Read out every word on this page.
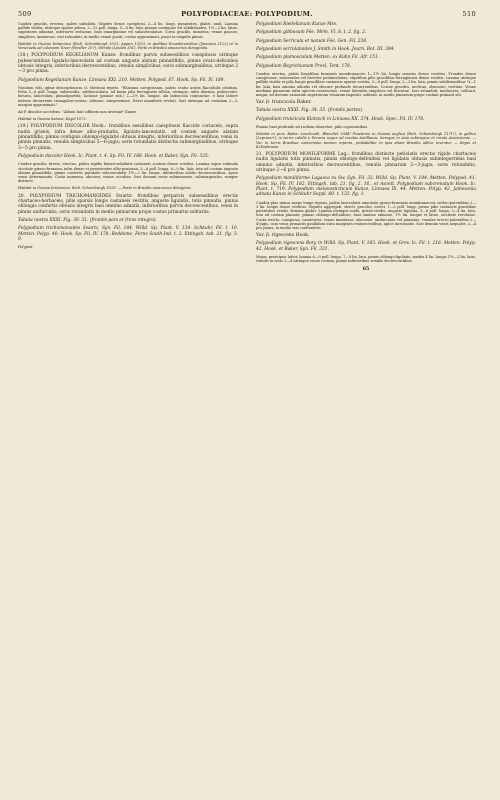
509	POLYPODIACEAE: POLYPODIUM.	510

Caudex gracilis, erectus, paleis subulatis. Stipites dense caespitosi, 2—4 lin. longi, pungentes, glabri, nudi. Lamina pallide viridis, utrinque sparse pilosa, 2—12 poll. longa, 5—8 lin. lata; pinnae contiguae vel subdistantes, 1½—2 lin. latae, superiores adnatae, inferiores reductae, basi emarginatae vel subauriculatae. Costa gracilis, immersa; venae paucae, simplices, immersae; sori rotundati, in medio venae positi, costae approximati, pauci in singulis pinnis.

Habitat in Guiana britannica (Rich. Schomburgk 1031; Appun 1510), in Andibus Ecuadorensibus (Jameson 2122) et in Venezuela ad coloniam Tovar (Fendler 207), Merida (Linden 351). Forte in Brasilia amazonica detegenda.

(18.) POLYPODIUM KEGELIANUM Kunze: frondibus parvis subsessilibus caespitosis utrinque pubescentibus ligulato-lanceolatis ad costam anguste alatam pinnatifidis, pinnis ovato-deltoideis obtusis integris, inferioribus decrescentibus, venulis simplicibus; soris submarginalibus, utrinque 2—3 pro pinna.

Polypodium Kegelianum Kunze, Linnaea XXI. 210. Metten. Polypod. 67. Hook. Sp. Fil. IV. 189.

Nondum vidi, igitur descriptionem cl. Mettenii repeto. "Rhizoma caespitosum, paleis ovatis acutis flaccidulis obsitum. Folia 3—8 poll. longa, subsessilia, subfasciculata, ad basin pilis ferrugineis villosa, utrinque, infra densius, pubescenti-hirsuta, lanceolata, pinnatipartita; laciniae (pinnae sub.) 2—2½ lin. longae, ala latiuscula conjunctae, e basi latiore inferne decurrente triangulari-ovatae, obtusae, integerrimae. Nervi manifeste evoluti. Sori utrinque ad costulam 2—3, margini approximati."

Ad P. discolor accedens. "Album huic affinem non inveniat" Kunze.

Habitat in Guiana batava: Kegel 1072.

(19.) POLYPODIUM DISCOLOR Hook.: frondibus sessilibus caespitosis flaccide coriaceis, supra nudis griseis, infra dense albo-pruinatis, ligulato-lanceolatis, ad costam anguste alatam pinnatifidis, pinnis contiguis oblongo-ligulatis obtusis integris, inferioribus decrescentibus; venis in pinnis pinnatis, venulis simplicibus 5—6-jugis; soris rotundatis distinctis submarginalibus, utrinque 3—5 pro pinna.

Polypodium discolor Hook. Ic. Plant. t. 4. Sp. Fil. IV. 188. Hook. et Baker, Syn. Fil. 325.

Caudex gracilis, brevis, erectus, paleis rigidis lineari-subulatis castaneis acutum dense vestitus. Lamina supra subnuda siccitate griseo-brunnea, infra dense et persistenter albo-pruinosa, 3—6 poll. longa, 8—9 lin. lata, tota ad costam anguste alatam pinnatifida, pinnis confertis patulatis subcrenulatis 1½—2 lin. longis, inferioribus subito decrescentibus, apice venis determinatis. Costa immersa, obscura; venae occultae. Sori demum venis subimmersis, submarginales, semper distincti.

Habitat in Guiana britannica: Rich. Schomburgk 1031! — Forte in Brasilia amazonica detegetur.

20. POLYPODIUM TRICHOMANOIDES Swartz: frondibus perparvis subsessilibus erectis chartaceo-herbaceis, pilis sparsis longis castaneis vestitis, anguste ligulatis, totis pinnatis, pinnis oblongis confertis obtusis integris basi omnino adnatis, inferioribus parvis decrescentibus, venis in pinnis unifurcatis; soris rotundatis in medio pinnarum prope costas primariis solitariis.

Tabula nostra XXXI. Fig. 30. 31. (frondis pars et frons integra).

Polypodium trichomanoides Swartz, Syn. Fil. 184. Willd. Sp. Plant. V. 134. Schkuhr, Fil. t. 10. Metten. Polyp. 40. Hook. Sp. Fil. IV. 178. Beddome, Ferns South-Ind. t. 2. Ettingsh. tab. 21. fig. 3. 9.

Polypod.

Polypodium Riedelianum Kunze Mss.

Polypodium gibbosum Fée, Mém. VI. 8. t. 2. fig. 2.

Polypodium Serricula et nanum Fée, Gen. Fil. 238.

Polypodium serrulatoides J. Smith in Hook. Journ. Bot. III. 394.

Polypodium plumosculum Metten. ex Kuhn Fil. Afr. 151.

Polypodium Beyrichianum Presl, Tent. 178.

Caudex erectus, paleis lineolibus brunneis membranaceis 1—1½ lin. longis ornatus dense vestitus. Frondes dense caespitosae, subsessiles vel breviter pedunculatae, stipitibus pilis gracilibus ferruginosis dense vestitis. Lamina utrinque pallide viridis et pilis longis gracilibus castaneis sparsis vestita, 2—8 poll. longa, 2—3 lin. lata; pinnis subdistantibus ¼—1 lin. lata, basi omnino adnatis vel obscure profunde decurrentibus. Costae graciles, arcticae, obscurae, vestitae. Venae mediana pinnarum infra apicem evanescens, venae laterales simplices vel furcatae. Sori rotundati, mediocres, solitarii, magni, ad dorsum ramorum superiorum venarum impositi, solitarii, in medio pinnarum prope costam primarii siti.

Var. β. truncicola Baker.

Tabula nostra XXXI. Fig. 34. 35. (frondis partes).

Polypodium truncicola Klotzsch in Linnaea XX. 374. Hook. Spec. Fil. IV. 178.

Pinnae basi profunde ad rachem dissectae, pilis copiosioribus.

Habitat in prov. Bahia: Luschnath, Blanchet 3944! Praeterea in Guiana anglica (Rich. Schomburgk 1171!), in gallica (Leprieur!), in terris calidis e Peruvia usque ad insulas Antillanas, itemque in Asia subtropica et insula Ascensionis. — Var. in terris Brasiliae contermino tantum reperta, probabiliter in ipsa etiam Brasilia adhuc inventur. — Bryas et Eckrabrusia.

21. POLYPODIUM MONILIFORME Lag.: frondibus distincte petiolatis erectis rigide chartaceis nudis ligulatis totis pinnatis, pinnis oblongo-deltoideis vel ligulatis obtusis subintegerrimis basi omnino adnatis, inferioribus decrescentibus, venulis pinnarum 2—3-jugis; soris rotundatis, utrinque 2—6 pro pinna.

Polypodium moniliforme Lagasca ex Sw. Syn. Fil. 33. Willd. Sp. Plant. V. 184. Metten. Polypod. 41. Hook. Sp. Fil. IV. 182. Ettingsh. tab. 21. fig. 2. 16., et Ascett. Polypodium subcrenatum Hook. Ic. Plant. t. 719. Polypodium melanosticticum Kunze, Linnaea IX. 44. Metten. Polyp. 42. Jamesonia adnata Kunze in Schkuhr Suppl. 80. t. 133. fig. 1.

Caudex plus minus saepe longe repens, paleis lanceolatis annulatis griseo-brunneis membranaceis crebro-patentibus 2—3 lin. longis dense vestitus. Stipites aggregati, stricti, graciles, erecti, 1—3 poll. longi, primo pilis castaneis gracilibus patentibus vestiti, demum glabri. Lamina utrinque nuda, griseo-viridis, anguste ligulata, 3—8 poll. longa, 3—4 lin. lata, tota ad costam pinnata; pinnae oblongo-deltoideae, basi omnino adnatae, 1½ lin. longae et latae, siccitate revolutae. Costa stricta, conspicua, caesiesens; venae immersae, obscurae, unifurcatae vel pinnatae, venulae erecto-patentibus 2—4-jugis, cum venis primariis paullulum intra margines evanescentibus, apice incrassatis. Sori demum venis aequales, 2—4 pro pinna, in medio vim confluentes.

Var. β. rigescens Hook.

Polypodium rigescens Bory in Willd. Sp. Plant. V. 183. Hook. et Grev. Ic. Fil. t. 216. Metten. Polyp. 42. Hook. et Baker, Syn. Fil. 331.

Major, praecipue latior, lamina 6—9 poll. longa, 7—9 lin. lata, pinnis oblongo-ligulatis, mediis 4 lin. longis 1½—2 lin. latis, venulis in seris 3—4 utrinque secus costam, pinnis inferioribus venulis decrescentibus.

65
